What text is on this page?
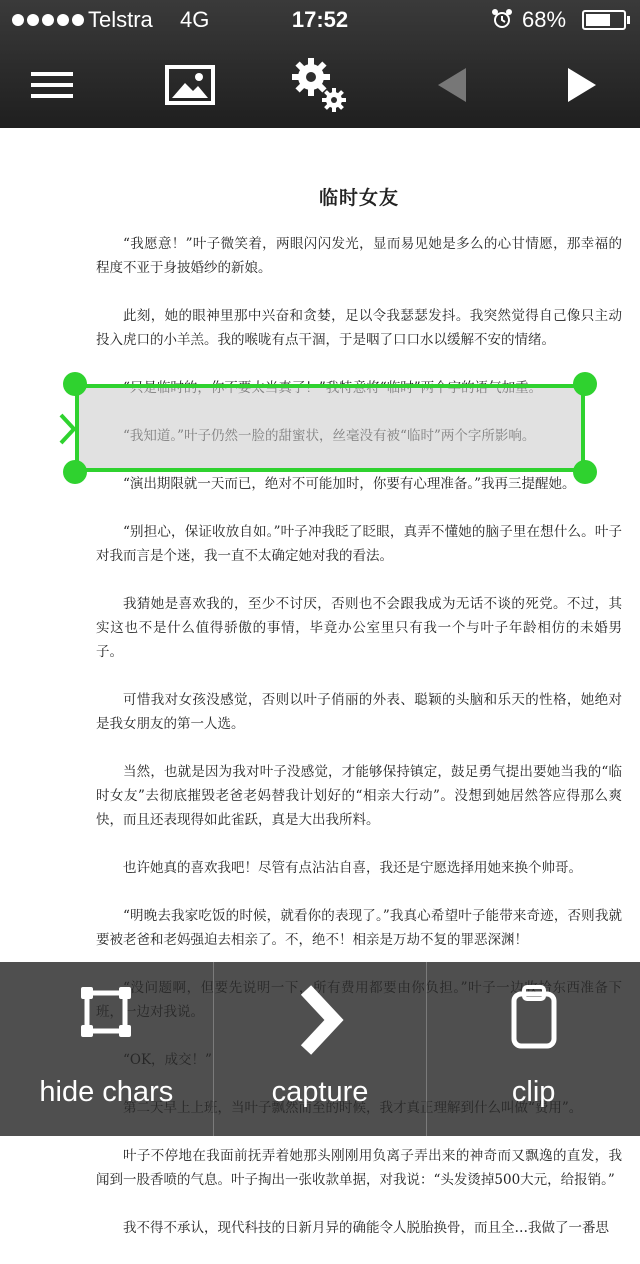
Telstra 4G	17:52	68%
临时女友

“我愿意！”叶子微笑着，两眼闪闪发光，显而易见她是多么的心甘情愿，那幸福的程度不亚于身披婚纱的新娘。

此刻，她的眼神里那中兴奋和贪婪，足以令我瑟瑟发抖。我突然觉得自己像只主动投入虎口的小羊羔。我的喉咙有点干涸，于是咽了口口水以缓解不安的情绪。

“演出期限就一天而已，绝对不可能加时，你要有心理准备。”我再三提醒她。

“别担心，保证收放自如。”叶子冲我眨了眨眼，真弄不懂她的脑子里在想什么。叶子对我而言是个迷，我一直不太确定她对我的看法。

我猜她是喜欢我的，至少不讨厌，否则也不会跟我成为无话不谈的死党。不过，其实这也不是什么值得骄傲的事情，毕竟办公室里只有我一个与叶子年龄相仿的未婚男子。

可惜我对女孩没感觉，否则以叶子俏丽的外表、聪颖的头脑和乐天的性格，她绝对是我女朋友的第一人选。

当然，也就是因为我对叶子没感觉，才能够保持镇定，鼓足勇气提出要她当我的“临时女友”去彻底摧毁老爸老妈替我计划好的“相亲大行动”。没想到她居然答应得那么爽快，而且还表现得如此雀跃，真是大出我所料。

也许她真的喜欢我吧！尽管有点沾沾自喜，我还是宁愿选择用她来换个帅哥。

“明晚去我家吃饭的时候，就看你的表现了。”我真心希望叶子能带来奇迹，否则我就要被老爸和老妈强迫去相亲了。不，绝不！相亲是万劫不复的罪恶深渊！

叶子不停地在我面前抚弄着她那头刚刚用负离子弄出来的神奇而又飘逸的直发，我闻到一股香喷的气息。叶子掏出一张收款单据，对我说：“头发烫掉500大元，给报销。”

我不得不承认，现代科技的日新月异的确能令人脱胎换骨，而且全…我做了一番思

hide chars	capture	clip
